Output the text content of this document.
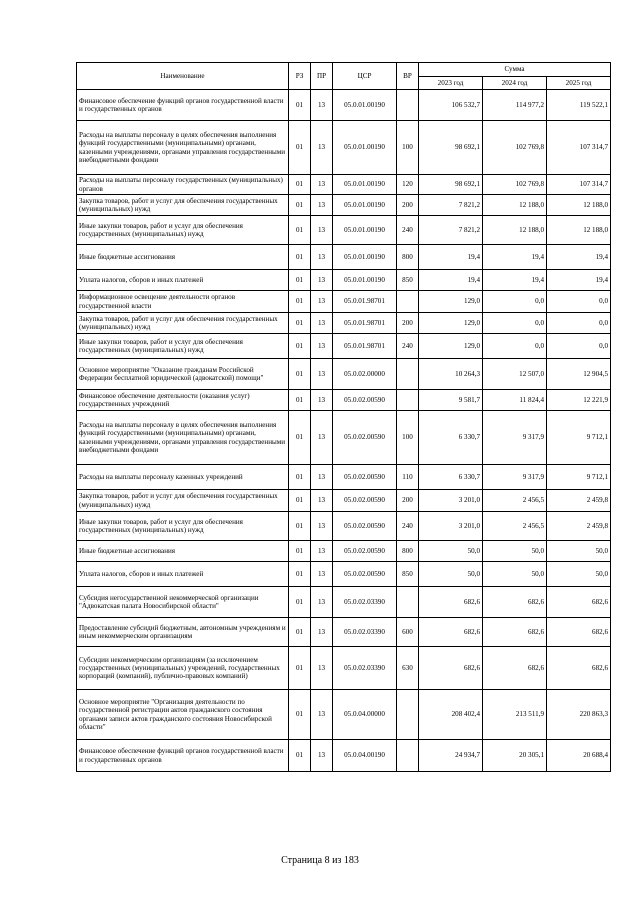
Наименование	РЗ	ПР	ЦСР	ВР	Сумма		
					2023 год	2024 год	2025 год
Финансовое обеспечение функций органов государственной власти и государственных органов	01	13	05.0.01.00190		106 532,7	114 977,2	119 522,1
Расходы на выплаты персоналу в целях обеспечения выполнения функций государственными (муниципальными) органами, казенными учреждениями, органами управления государственными внебюджетными фондами	01	13	05.0.01.00190	100	98 692,1	102 769,8	107 314,7
Расходы на выплаты персоналу государственных (муниципальных) органов	01	13	05.0.01.00190	120	98 692,1	102 769,8	107 314,7
Закупка товаров, работ и услуг для обеспечения государственных (муниципальных) нужд	01	13	05.0.01.00190	200	7 821,2	12 188,0	12 188,0
Иные закупки товаров, работ и услуг для обеспечения государственных (муниципальных) нужд	01	13	05.0.01.00190	240	7 821,2	12 188,0	12 188,0
Иные бюджетные ассигнования	01	13	05.0.01.00190	800	19,4	19,4	19,4
Уплата налогов, сборов и иных платежей	01	13	05.0.01.00190	850	19,4	19,4	19,4
Информационное освещение деятельности органов государственной власти	01	13	05.0.01.98701		129,0	0,0	0,0
Закупка товаров, работ и услуг для обеспечения государственных (муниципальных) нужд	01	13	05.0.01.98701	200	129,0	0,0	0,0
Иные закупки товаров, работ и услуг для обеспечения государственных (муниципальных) нужд	01	13	05.0.01.98701	240	129,0	0,0	0,0
Основное мероприятие "Оказание гражданам Российской Федерации бесплатной юридической (адвокатской) помощи"	01	13	05.0.02.00000		10 264,3	12 507,0	12 904,5
Финансовое обеспечение деятельности (оказания услуг) государственных учреждений	01	13	05.0.02.00590		9 581,7	11 824,4	12 221,9
Расходы на выплаты персоналу в целях обеспечения выполнения функций государственными (муниципальными) органами, казенными учреждениями, органами управления государственными внебюджетными фондами	01	13	05.0.02.00590	100	6 330,7	9 317,9	9 712,1
Расходы на выплаты персоналу казенных учреждений	01	13	05.0.02.00590	110	6 330,7	9 317,9	9 712,1
Закупка товаров, работ и услуг для обеспечения государственных (муниципальных) нужд	01	13	05.0.02.00590	200	3 201,0	2 456,5	2 459,8
Иные закупки товаров, работ и услуг для обеспечения государственных (муниципальных) нужд	01	13	05.0.02.00590	240	3 201,0	2 456,5	2 459,8
Иные бюджетные ассигнования	01	13	05.0.02.00590	800	50,0	50,0	50,0
Уплата налогов, сборов и иных платежей	01	13	05.0.02.00590	850	50,0	50,0	50,0
Субсидия негосударственной некоммерческой организации "Адвокатская палата Новосибирской области"	01	13	05.0.02.03390		682,6	682,6	682,6
Предоставление субсидий бюджетным, автономным учреждениям и иным некоммерческим организациям	01	13	05.0.02.03390	600	682,6	682,6	682,6
Субсидии некоммерческим организациям (за исключением государственных (муниципальных) учреждений, государственных корпораций (компаний), публично-правовых компаний)	01	13	05.0.02.03390	630	682,6	682,6	682,6
Основное мероприятие "Организация деятельности по государственной регистрации актов гражданского состояния органами записи актов гражданского состояния Новосибирской области"	01	13	05.0.04.00000		208 402,4	213 511,9	220 863,3
Финансовое обеспечение функций органов государственной власти и государственных органов	01	13	05.0.04.00190		24 934,7	20 305,1	20 688,4
Страница 8 из 183
